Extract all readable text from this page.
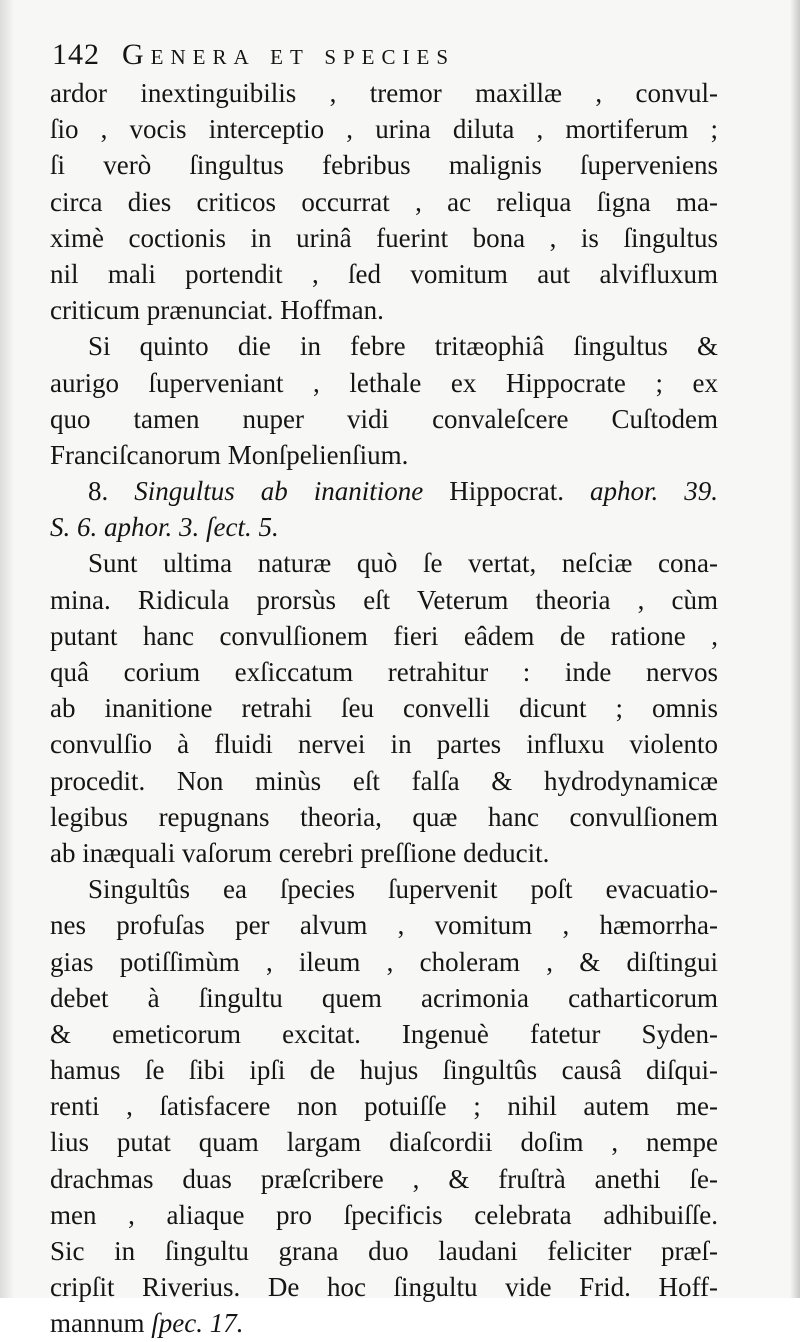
142 Genera et species
ardor inextinguibilis , tremor maxillæ , convul-
ſio , vocis interceptio , urina diluta , mortiferum ;
ſi verò ſingultus febribus malignis ſuperveniens
circa dies criticos occurrat , ac reliqua ſigna ma-
ximè coctionis in urinâ fuerint bona , is ſingultus
nil mali portendit , ſed vomitum aut alvifluxum
criticum prænunciat. Hoffman.
Si quinto die in febre tritæophiâ ſingultus &
aurigo ſuperveniant , lethale ex Hippocrate ; ex
quo tamen nuper vidi convaleſcere Cuſtodem
Franciſcanorum Monſpelienſium.
8. Singultus ab inanitione Hippocrat. aphor. 39.
S. 6. aphor. 3. ſect. 5.
Sunt ultima naturæ quò ſe vertat, neſciæ cona-
mina. Ridicula prorsùs eſt Veterum theoria , cùm
putant hanc convulſionem fieri eâdem de ratione ,
quâ corium exſiccatum retrahitur : inde nervos
ab inanitione retrahi ſeu convelli dicunt ; omnis
convulſio à fluidi nervei in partes influxu violento
procedit. Non minùs eſt falſa & hydrodynamicæ
legibus repugnans theoria, quæ hanc convulſionem
ab inæquali vaſorum cerebri preſſione deducit.
Singultûs ea ſpecies ſupervenit poſt evacuatio-
nes profuſas per alvum , vomitum , hæmorrha-
gias potiſſimùm , ileum , choleram , & diſtingui
debet à ſingultu quem acrimonia catharticorum
& emeticorum excitat. Ingenuè fatetur Syden-
hamus ſe ſibi ipſi de hujus ſingultûs causâ diſqui-
renti , ſatisfacere non potuiſſe ; nihil autem me-
lius putat quam largam diaſcordii doſim , nempe
drachmas duas præſcribere , & fruſtrà anethi ſe-
men , aliaque pro ſpecificis celebrata adhibuiſſe.
Sic in ſingultu grana duo laudani feliciter præſ-
cripſit Riverius. De hoc ſingultu vide Frid. Hoff-
mannum ſpec. 17.
